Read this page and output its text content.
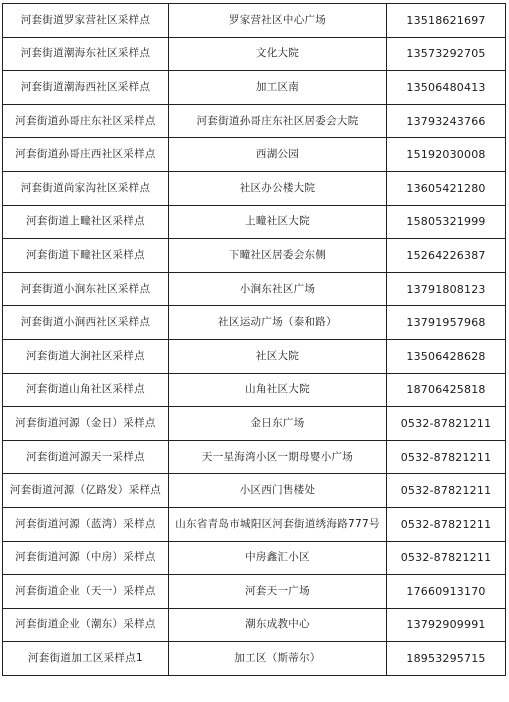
河套街道罗家营社区采样点	罗家营社区中心广场	13518621697
河套街道潮海东社区采样点	文化大院	13573292705
河套街道潮海西社区采样点	加工区南	13506480413
河套街道孙哥庄东社区采样点	河套街道孙哥庄东社区居委会大院	13793243766
河套街道孙哥庄西社区采样点	西湖公园	15192030008
河套街道尚家沟社区采样点	社区办公楼大院	13605421280
河套街道上疃社区采样点	上疃社区大院	15805321999
河套街道下疃社区采样点	下疃社区居委会东侧	15264226387
河套街道小涧东社区采样点	小涧东社区广场	13791808123
河套街道小涧西社区采样点	社区运动广场（泰和路）	13791957968
河套街道大涧社区采样点	社区大院	13506428628
河套街道山角社区采样点	山角社区大院	18706425818
河套街道河源（金日）采样点	金日东广场	0532-87821211
河套街道河源天一采样点	天一星海湾小区一期母婴小广场	0532-87821211
河套街道河源（亿路发）采样点	小区西门售楼处	0532-87821211
河套街道河源（蓝湾）采样点	山东省青岛市城阳区河套街道绣海路777号	0532-87821211
河套街道河源（中房）采样点	中房鑫汇小区	0532-87821211
河套街道企业（天一）采样点	河套天一广场	17660913170
河套街道企业（潮东）采样点	潮东成教中心	13792909991
河套街道加工区采样点1	加工区（斯蒂尔）	18953295715
